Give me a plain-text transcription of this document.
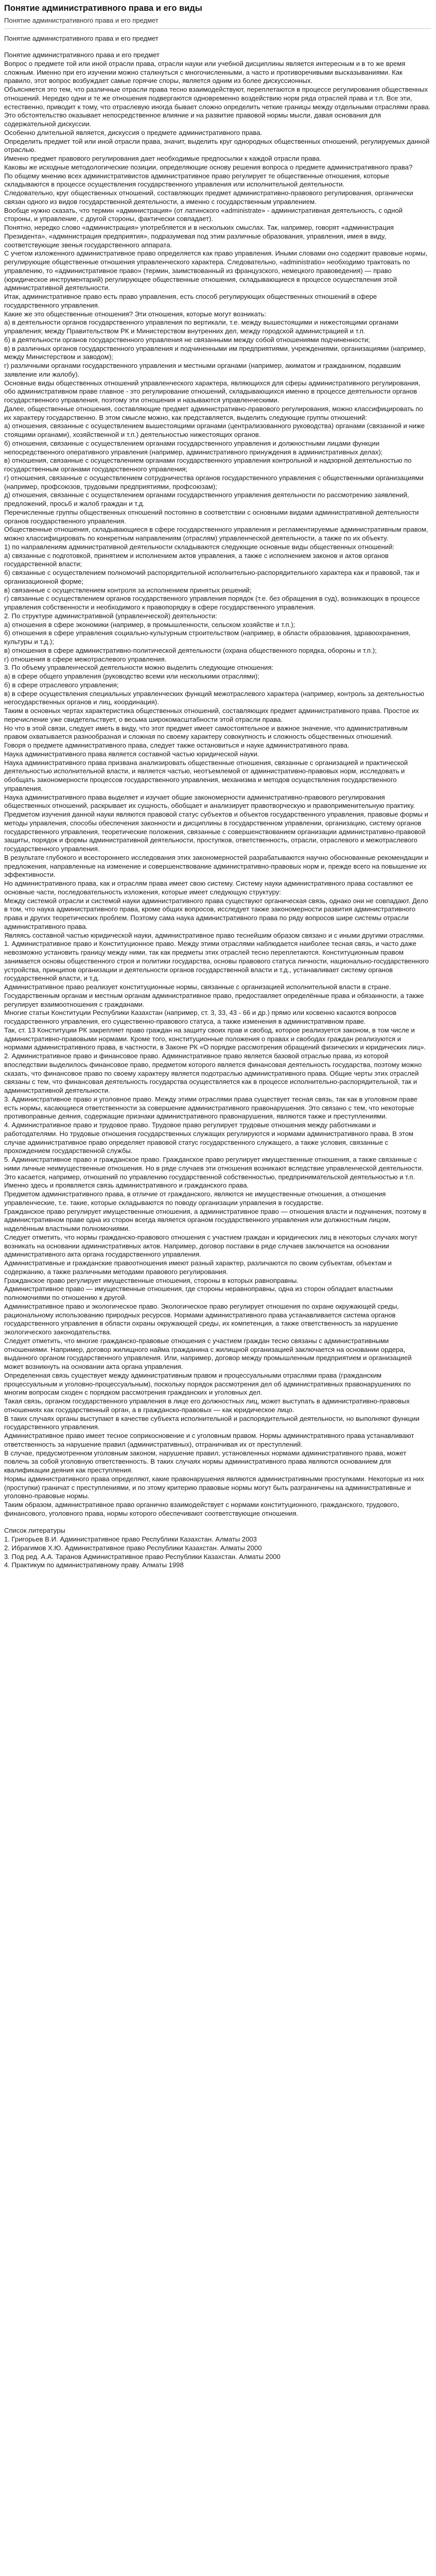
Понятие административного права и его виды
Понятие административного права и его предмет
Понятие административного права и его предмет
Понятие административного права и его предмет
Вопрос о предмете той или иной отрасли права, отрасли науки или учебной дисциплины является интересным и в то же время сложным. Именно при его изучении можно сталкнуться с многочисленными, а часто и противоречивыми высказываниями. Как правило, этот вопрос возбуждает самые горячие споры, является одним из более дискуссионных.
Объясняется это тем, что различные отрасли права тесно взаимодействуют, переплетаются в процессе регулирования общественных отношений. Нередко одни и те же отношения подвергаются одновременно воздействию норм ряда отраслей права и т.п. Все эти, естественно, приводит к тому, что отраслевую иногда бывает сложно определить четкие границы между отдельными отраслями права.
Это обстоятельство оказывает непосредственное влияние и на развитие правовой нормы мысли, давая основания для содержательной дискуссии.
Особенно длительной является, дискуссия о предмете административного права.
Определить предмет той или иной отрасли права, значит, выделить круг однородных общественных отношений, регулируемых данной отраслью.
Именно предмет правового регулирования дает необходимые предпосылки к каждой отрасли права.
Каковы же исходные методологические позиции, определяющие основу решения вопроса о предмете административного права?
По общему мнению всех административистов административное право регулирует те общественные отношения, которые складываются в процессе осуществления государственного управления или исполнительной деятельности.
Следовательно, круг общественных отношений, составляющих предмет административно-правового регулирования, органически связан одного из видов государственной деятельности, а именно с государственным управлением.
Вообще нужно сказать, что термин «администрация» (от латинского «administrate» - административная деятельность, с одной стороны, и управление, с другой стороны, фактически совпадает).
Понятно, нередко слово «администрация» употребляется и в нескольких смыслах. Так, например, говорят «администрация Президента», «администрация предприятия», подразумевая под этим различные образования, управления, имея в виду, соответствующие звенья государственного аппарата.
С учетом изложенного административное право определяется как право управления. Иными словами оно содержит правовые нормы, регулирующие общественные отношения управленческого характера. Следовательно, «administratio» необходимо трактовать по управлению, то «административное право» (термин, заимствованный из французского, немецкого правоведения) — право (юридическое инструментарий) регулирующее общественные отношения, складывающиеся в процессе осуществления этой административной деятельности.
Итак, административное право есть право управления, есть способ регулирующих общественных отношений в сфере государственного управления.
Какие же это общественные отношения? Эти отношения, которые могут возникать:
а) в деятельности органов государственного управления по вертикали, т.е. между вышестоящими и нижестоящими органами управления; между Правительством РК и Министерством внутренних дел, между городской администрацией и т.п.
б) в деятельности органов государственного управления не связанными между собой отношениями подчиненности;
в) в различных органов государственного управления и подчиненными им предприятиями, учреждениями, организациями (например, между Министерством и заводом);
г) различными органами государственного управления и местными органами (например, акиматом и гражданином, подавшим заявление или жалобу).
Основные виды общественных отношений управленческого характера, являющихся для сферы административного регулирования, обо административном праве главное - это регулирование отношений, складывающихся именно в процессе деятельности органов государственного управления, поэтому эти отношения и называются управленческими.
Далее, общественные отношения, составляющие предмет административно-правового регулирования, можно классифицировать по их характеру государственно. В этом смысле можно, как представляется, выделить следующие группы отношений:
а) отношения, связанные с осуществлением вышестоящими органами (централизованного руководства) органами (связанной и ниже стоящими органами), хозяйственной и т.п.) деятельностью нижестоящих органов.
б) отношения, связанные с осуществлением органами государственного управления и должностными лицами функции непосредственного оперативного управления (например, административного принуждения в административных делах);
в) отношения, связанные с осуществлением органами государственного управления контрольной и надзорной деятельностью по государственным органами государственного управления;
г) отношения, связанные с осуществлением сотрудничества органов государственного управления с общественными организациями (например, профсоюзов, трудовыми предприятиями, профсоюзам);
д) отношения, связанные с осуществлением органами государственного управления деятельности по рассмотрению заявлений, предложений, просьб и жалоб граждан и т.д.
Перечисленные группы общественных отношений постоянно в соответствии с основными видами административной деятельности органов государственного управления.
Общественные отношения, складывающиеся в сфере государственного управления и регламентируемые административным правом, можно классифицировать по конкретным направлениям (отраслям) управленческой деятельности, а также по их объекту.
1) по направлениям административной деятельности складываются следующие основные виды общественных отношений:
а) связанные с подготовкой, принятием и исполнением актов управления, а также с исполнением законов и актов органов государственной власти;
б) связанные с осуществлением полномочий распорядительной исполнительно-распорядительного характера как и правовой, так и организационной форме;
в) связанные с осуществлением контроля за исполнением принятых решений;
г) связанные с осуществлением органов государственного управления порядок (т.е. без обращения в суд), возникающих в процессе управления собственности и необходимого к правопорядку в сфере государственного управления.
2. По структуре административной (управленческой) деятельности:
а) отношения в сфере экономики (например, в промышленности, сельском хозяйстве и т.п.);
б) отношения в сфере управления социально-культурным строительством (например, в области образования, здравоохранения, культуры и т.д.);
в) отношения в сфере административно-политической деятельности (охрана общественного порядка, обороны и т.п.);
г) отношения в сфере межотраслевого управления.
3. По объему управленческой деятельности можно выделить следующие отношения:
а) в сфере общего управления (руководство всеми или несколькими отраслями);
б) в сфере отраслевого управления;
в) в сфере осуществления специальных управленческих функций межотраслевого характера (например, контроль за деятельностью негосударственных органов и лиц, координация).
Таким в основных чертах характеристика общественных отношений, составляющих предмет административного права. Простое их перечисление уже свидетельствует, о весьма широкомасштабности этой отрасли права.
Но что в этой связи, следует иметь в виду, что этот предмет имеет самостоятельное и важное значение, что административным правом охватывается разнообразная и сложная по своему характеру совокупность и сложность общественных отношений.
Говоря о предмете административного права, следует также остановиться и науке административного права.
Наука административного права является составной частью юридической науки.
Наука административного права призвана анализировать общественные отношения, связанные с организацией и практической деятельностью исполнительной власти, и является частью, неотъемлемой от административно-правовых норм, исследовать и обобщать закономерности процессов государственного управления, механизма и методов осуществления государственного управления.
Наука административного права выделяет и изучает общие закономерности административно-правового регулирования общественных отношений, раскрывает их сущность, обобщает и анализирует правотворческую и правоприменительную практику.
Предметом изучения данной науки являются правовой статус субъектов и объектов государственного управления, правовые формы и методы управления, способы обеспечения законности и дисциплины в государственном управлении, организацию, систему органов государственного управления, теоретические положения, связанные с совершенствованием организации административно-правовой защиты, порядок и формы административной деятельности, проступков, ответственность, отрасли, отраслевого и межотраслевого государственного управления.
В результате глубокого и всестороннего исследования этих закономерностей разрабатываются научно обоснованные рекомендации и предложения, направленные на изменение и совершенствование административно-правовых норм и, прежде всего на повышение их эффективности.
Но административного права, как и отраслям права имеет свою систему. Систему науки административного права составляют ее основные части, последовательность изложения, которые имеет следующую структуру:
Между системой отрасли и системой науки административного права существуют органическая связь, однако они не совпадают. Дело в том, что наука административного права, кроме общих вопросов, исследует также закономерности развития административного права и других теоретических проблем. Поэтому сама наука административного права по ряду вопросов шире системы отрасли административного права.
Являясь составной частью юридической науки, административное право теснейшим образом связано и с иными другими отраслями.
1. Административное право и Конституционное право. Между этими отраслями наблюдается наиболее тесная связь, и часто даже невозможно установить границу между ними, так как предметы этих отраслей тесно переплетаются. Конституционным правом занимается основы общественного строя и политики государства, основы правового статуса личности, национально-государственного устройства, принципов организации и деятельности органов государственной власти и т.д., устанавливает систему органов государственной власти, и т.д.
Административное право реализует конституционные нормы, связанные с организацией исполнительной власти в стране. Государственным органам и местным органам административное право, предоставляет определённые права и обязанности, а также регулирует взаимоотношения с гражданами.
Многие статьи Конституции Республики Казахстан (например, ст. 3, 33, 43 - 66 и др.) прямо или косвенно касаются вопросов государственного управления, его существенно-правового статуса, а также изменения в административном праве.
Так, ст. 13 Конституции РК закрепляет право граждан на защиту своих прав и свобод, которое реализуется законом, в том числе и административно-правовыми нормами. Кроме того, конституционные положения о правах и свободах граждан реализуются и нормами административного права, в частности, в Законе РК «О порядке рассмотрения обращений физических и юридических лиц».
2. Административное право и финансовое право. Административное право является базовой отраслью права, из которой впоследствии выделилось финансовое право, предметом которого является финансовая деятельность государства, поэтому можно сказать, что финансовое право по своему характеру является подотраслью административного права. Общие черты этих отраслей связаны с тем, что финансовая деятельность государства осуществляется как в процессе исполнительно-распорядительной, так и административной деятельности.
3. Административное право и уголовное право. Между этими отраслями права существует тесная связь, так как в уголовном праве есть нормы, касающиеся ответственности за совершение административного правонарушения. Это связано с тем, что некоторые противоправные деяния, содержащие признаки административного правонарушения, являются также и преступлениями.
4. Административное право и трудовое право. Трудовое право регулирует трудовые отношения между работниками и работодателями. Но трудовые отношения государственных служащих регулируются и нормами административного права. В этом случае административное право определяет правовой статус государственного служащего, а также условия, связанные с прохождением государственной службы.
5. Административное право и гражданское право. Гражданское право регулирует имущественные отношения, а также связанные с ними личные неимущественные отношения. Но в ряде случаев эти отношения возникают вследствие управленческой деятельности. Это касается, например, отношений по управлению государственной собственностью, предпринимательской деятельностью и т.п. Именно здесь и проявляется связь административного и гражданского права.
Предметом административного права, в отличие от гражданского, являются не имущественные отношения, а отношения управленческие, т.е. такие, которые складываются по поводу организации управления в государстве.
Гражданское право регулирует имущественные отношения, а административное право — отношения власти и подчинения, поэтому в административном праве одна из сторон всегда является органом государственного управления или должностным лицом, наделённым властными полномочиями.
Следует отметить, что нормы гражданско-правового отношения с участием граждан и юридических лиц в некоторых случаях могут возникать на основании административных актов. Например, договор поставки в ряде случаев заключается на основании административного акта органа государственного управления.
Административные и гражданские правоотношения имеют разный характер, различаются по своим субъектам, объектам и содержанию, а также различными методами правового регулирования.
Гражданское право регулирует имущественные отношения, стороны в которых равноправны.
Административное право — имущественные отношения, где стороны неравноправны, одна из сторон обладает властными полномочиями по отношению к другой.
Административное право и экологическое право. Экологическое право регулирует отношения по охране окружающей среды, рациональному использованию природных ресурсов. Нормами административного права устанавливается система органов государственного управления в области охраны окружающей среды, их компетенция, а также ответственность за нарушение экологического законодательства.
Следует отметить, что многие гражданско-правовые отношения с участием граждан тесно связаны с административными отношениями. Например, договор жилищного найма гражданина с жилищной организацией заключается на основании ордера, выданного органом государственного управления. Или, например, договор между промышленным предприятием и организацией может возникнуть на основании акта органа управления.
Определенная связь существует между административным правом и процессуальными отраслями права (гражданским процессуальным и уголовно-процессуальным), поскольку порядок рассмотрения дел об административных правонарушениях по многим вопросам сходен с порядком рассмотрения гражданских и уголовных дел.
Такая связь, органом государственного управления в лице его должностных лиц, может выступать в административно-правовых отношениях как государственный орган, а в гражданско-правовых — как юридическое лицо.
В таких случаях органы выступают в качестве субъекта исполнительной и распорядительной деятельности, но выполняют функции государственного управления.
Административное право имеет тесное соприкосновение и с уголовным правом. Нормы административного права устанавливают ответственность за нарушение правил (административных), отграничивая их от преступлений.
В случае, предусмотренном уголовным законом, нарушение правил, установленных нормами административного права, может повлечь за собой уголовную ответственность. В таких случаях нормы административного права являются основанием для квалификации деяния как преступления.
Нормы административного права определяют, какие правонарушения являются административными проступками. Некоторые из них (проступки) граничат с преступлениями, и по этому критерию правовые нормы могут быть разграничены на административные и уголовно-правовые нормы.
Таким образом, административное право органично взаимодействует с нормами конституционного, гражданского, трудового, финансового, уголовного права, нормы которого обеспечивают соответствующие отношения.
Список литературы
1. Григорьев В.И. Административное право Республики Казахстан. Алматы 2003
2. Ибрагимов Х.Ю. Административное право Республики Казахстан. Алматы 2000
3. Под ред. А.А. Таранов Административное право Республики Казахстан. Алматы 2000
4. Практикум по административному праву. Алматы 1998
